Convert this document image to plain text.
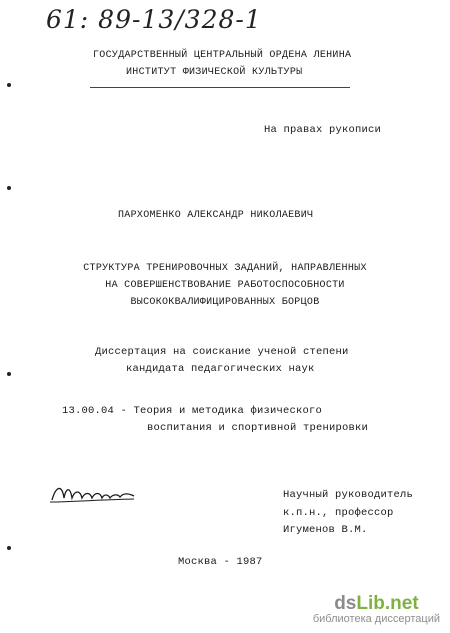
61: 89-13/328-1
ГОСУДАРСТВЕННЫЙ ЦЕНТРАЛЬНЫЙ ОРДЕНА ЛЕНИНА
ИНСТИТУТ ФИЗИЧЕСКОЙ КУЛЬТУРЫ
На правах рукописи
ПАРХОМЕНКО АЛЕКСАНДР НИКОЛАЕВИЧ
СТРУКТУРА ТРЕНИРОВОЧНЫХ ЗАДАНИЙ, НАПРАВЛЕННЫХ
НА СОВЕРШЕНСТВОВАНИЕ РАБОТОСПОСОБНОСТИ
ВЫСОКОКВАЛИФИЦИРОВАННЫХ БОРЦОВ
Диссертация на соискание ученой степени
кандидата педагогических наук
13.00.04 - Теория и методика физического
воспитания и спортивной тренировки
Научный руководитель
к.п.н., профессор
Игуменов В.М.
Москва - 1987
dsLib.net
библиотека диссертаций
